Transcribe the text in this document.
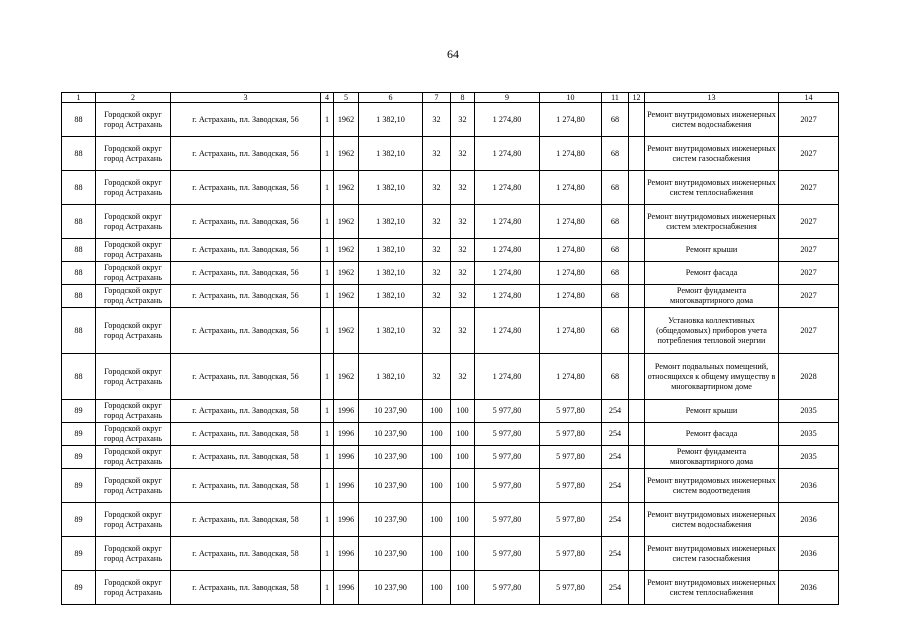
64
1	2	3	4	5	6	7	8	9	10	11	12	13	14
88	Городской округ город Астрахань	г. Астрахань, пл. Заводская, 56	1	1962	1 382,10	32	32	1 274,80	1 274,80	68		Ремонт внутридомовых инженерных систем водоснабжения	2027
88	Городской округ город Астрахань	г. Астрахань, пл. Заводская, 56	1	1962	1 382,10	32	32	1 274,80	1 274,80	68		Ремонт внутридомовых инженерных систем газоснабжения	2027
88	Городской округ город Астрахань	г. Астрахань, пл. Заводская, 56	1	1962	1 382,10	32	32	1 274,80	1 274,80	68		Ремонт внутридомовых инженерных систем теплоснабжения	2027
88	Городской округ город Астрахань	г. Астрахань, пл. Заводская, 56	1	1962	1 382,10	32	32	1 274,80	1 274,80	68		Ремонт внутридомовых инженерных систем электроснабжения	2027
88	Городской округ город Астрахань	г. Астрахань, пл. Заводская, 56	1	1962	1 382,10	32	32	1 274,80	1 274,80	68		Ремонт крыши	2027
88	Городской округ город Астрахань	г. Астрахань, пл. Заводская, 56	1	1962	1 382,10	32	32	1 274,80	1 274,80	68		Ремонт фасада	2027
88	Городской округ город Астрахань	г. Астрахань, пл. Заводская, 56	1	1962	1 382,10	32	32	1 274,80	1 274,80	68		Ремонт фундамента многоквартирного дома	2027
88	Городской округ город Астрахань	г. Астрахань, пл. Заводская, 56	1	1962	1 382,10	32	32	1 274,80	1 274,80	68		Установка коллективных (общедомовых) приборов учета потребления тепловой энергии	2027
88	Городской округ город Астрахань	г. Астрахань, пл. Заводская, 56	1	1962	1 382,10	32	32	1 274,80	1 274,80	68		Ремонт подвальных помещений, относящихся к общему имуществу в многоквартирном доме	2028
89	Городской округ город Астрахань	г. Астрахань, пл. Заводская, 58	1	1996	10 237,90	100	100	5 977,80	5 977,80	254		Ремонт крыши	2035
89	Городской округ город Астрахань	г. Астрахань, пл. Заводская, 58	1	1996	10 237,90	100	100	5 977,80	5 977,80	254		Ремонт фасада	2035
89	Городской округ город Астрахань	г. Астрахань, пл. Заводская, 58	1	1996	10 237,90	100	100	5 977,80	5 977,80	254		Ремонт фундамента многоквартирного дома	2035
89	Городской округ город Астрахань	г. Астрахань, пл. Заводская, 58	1	1996	10 237,90	100	100	5 977,80	5 977,80	254		Ремонт внутридомовых инженерных систем водоотведения	2036
89	Городской округ город Астрахань	г. Астрахань, пл. Заводская, 58	1	1996	10 237,90	100	100	5 977,80	5 977,80	254		Ремонт внутридомовых инженерных систем водоснабжения	2036
89	Городской округ город Астрахань	г. Астрахань, пл. Заводская, 58	1	1996	10 237,90	100	100	5 977,80	5 977,80	254		Ремонт внутридомовых инженерных систем газоснабжения	2036
89	Городской округ город Астрахань	г. Астрахань, пл. Заводская, 58	1	1996	10 237,90	100	100	5 977,80	5 977,80	254		Ремонт внутридомовых инженерных систем теплоснабжения	2036
